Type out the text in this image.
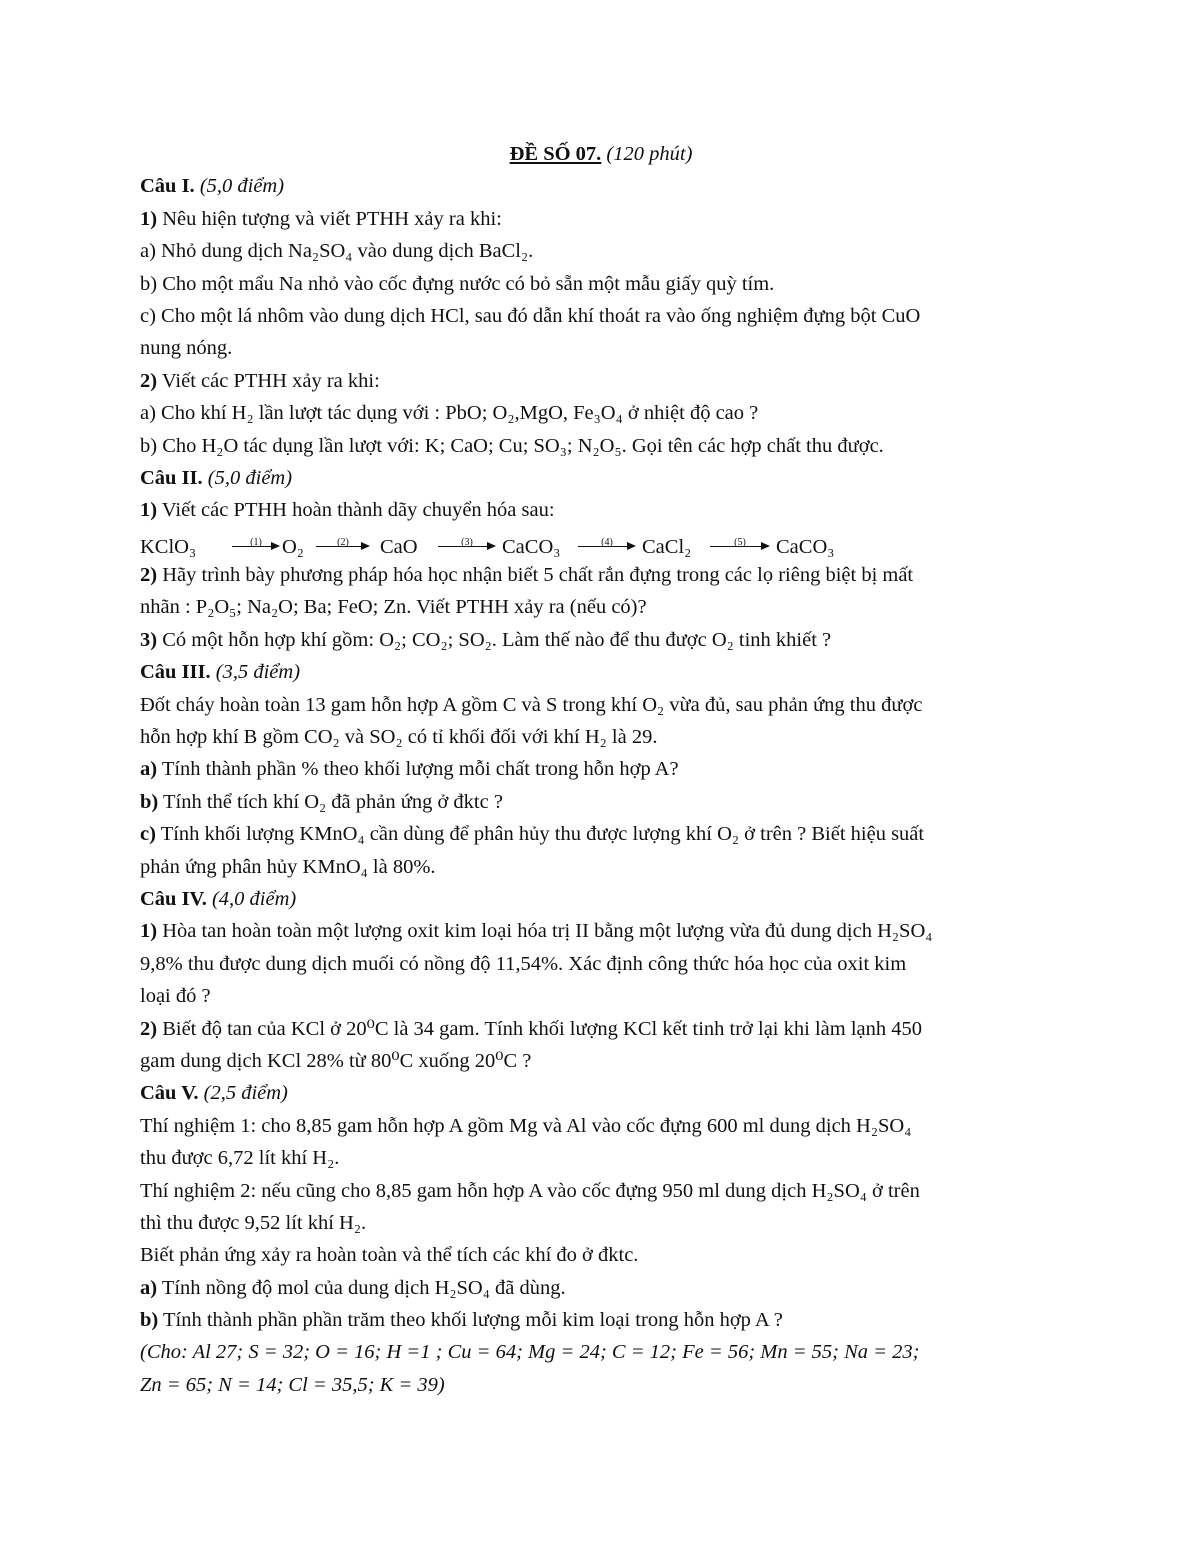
ĐỀ SỐ 07. (120 phút)
Câu I. (5,0 điểm)
1) Nêu hiện tượng và viết PTHH xảy ra khi:
a) Nhỏ dung dịch Na₂SO₄ vào dung dịch BaCl₂.
b) Cho một mẩu Na nhỏ vào cốc đựng nước có bỏ sẵn một mẫu giấy quỳ tím.
c) Cho một lá nhôm vào dung dịch HCl, sau đó dẫn khí thoát ra vào ống nghiệm đựng bột CuO
nung nóng.
2) Viết các PTHH xảy ra khi:
a) Cho khí H₂ lần lượt tác dụng với : PbO; O₂,MgO, Fe₃O₄ ở nhiệt độ cao ?
b) Cho H₂O tác dụng lần lượt với: K; CaO; Cu; SO₃; N₂O₅. Gọi tên các hợp chất thu được.
Câu II. (5,0 điểm)
1) Viết các PTHH hoàn thành dãy chuyển hóa sau:
KClO₃	(1) O₂	(2)	CaO	(3)	CaCO₃	(4)	CaCl₂	(5)	CaCO₃
2) Hãy trình bày phương pháp hóa học nhận biết 5 chất rắn đựng trong các lọ riêng biệt bị mất
nhãn : P₂O₅; Na₂O; Ba; FeO; Zn. Viết PTHH xảy ra (nếu có)?
3) Có một hỗn hợp khí gồm: O₂; CO₂; SO₂. Làm thế nào để thu được O₂ tinh khiết ?
Câu III. (3,5 điểm)
Đốt cháy hoàn toàn 13 gam hỗn hợp A gồm C và S trong khí O₂ vừa đủ, sau phản ứng thu được
hỗn hợp khí B gồm CO₂ và SO₂ có tỉ khối đối với khí H₂ là 29.
a) Tính thành phần % theo khối lượng mỗi chất trong hỗn hợp A?
b) Tính thể tích khí O₂ đã phản ứng ở đktc ?
c) Tính khối lượng KMnO₄ cần dùng để phân hủy thu được lượng khí O₂ ở trên ? Biết hiệu suất
phản ứng phân hủy KMnO₄ là 80%.
Câu IV. (4,0 điểm)
1) Hòa tan hoàn toàn một lượng oxit kim loại hóa trị II bằng một lượng vừa đủ dung dịch H₂SO₄
9,8% thu được dung dịch muối có nồng độ 11,54%. Xác định công thức hóa học của oxit kim
loại đó ?
2) Biết độ tan của KCl ở 20⁰C là 34 gam. Tính khối lượng KCl kết tinh trở lại khi làm lạnh 450
gam dung dịch KCl 28% từ 80⁰C xuống 20⁰C ?
Câu V. (2,5 điểm)
Thí nghiệm 1: cho 8,85 gam hỗn hợp A gồm Mg và Al vào cốc đựng 600 ml dung dịch H₂SO₄
thu được 6,72 lít khí H₂.
Thí nghiệm 2: nếu cũng cho 8,85 gam hỗn hợp A vào cốc đựng 950 ml dung dịch H₂SO₄ ở trên
thì thu được 9,52 lít khí H₂.
Biết phản ứng xảy ra hoàn toàn và thể tích các khí đo ở đktc.
a) Tính nồng độ mol của dung dịch H₂SO₄ đã dùng.
b) Tính thành phần phần trăm theo khối lượng mỗi kim loại trong hỗn hợp A ?
(Cho: Al 27; S = 32; O = 16; H =1 ; Cu = 64; Mg = 24; C = 12; Fe = 56; Mn = 55; Na = 23;
Zn = 65; N = 14; Cl = 35,5; K = 39)
